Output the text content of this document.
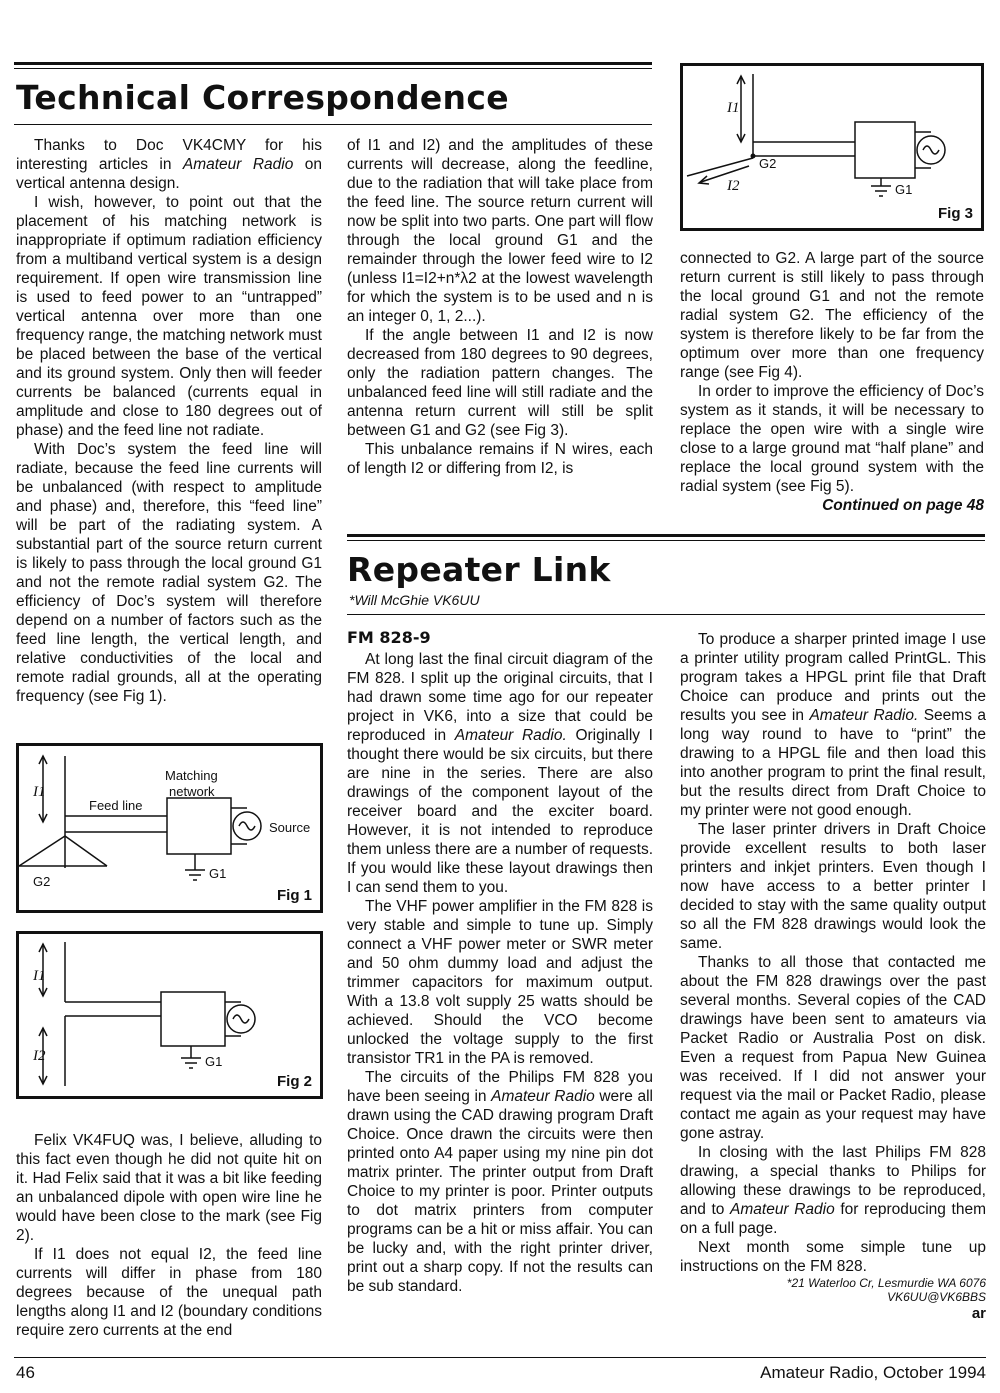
Technical Correspondence

Thanks to Doc VK4CMY for his interesting articles in Amateur Radio on vertical antenna design.

I wish, however, to point out that the placement of his matching network is inappropriate if optimum radiation efficiency from a multiband vertical system is a design requirement. If open wire transmission line is used to feed power to an “untrapped” vertical antenna over more than one frequency range, the matching network must be placed between the base of the vertical and its ground system. Only then will feeder currents be balanced (currents equal in amplitude and close to 180 degrees out of phase) and the feed line not radiate.

With Doc’s system the feed line will radiate, because the feed line currents will be unbalanced (with respect to amplitude and phase) and, therefore, this “feed line” will be part of the radiating system. A substantial part of the source return current is likely to pass through the local ground G1 and not the remote radial system G2. The efficiency of Doc’s system will therefore depend on a number of factors such as the feed line length, the vertical length, and relative conductivities of the local and remote radial grounds, all at the operating frequency (see Fig 1).

I1
Matching
network
Feed line
Source
G1
G2
Fig 1
I1
I2	G1
Fig 2

Felix VK4FUQ was, I believe, alluding to this fact even though he did not quite hit on it. Had Felix said that it was a bit like feeding an unbalanced dipole with open wire line he would have been close to the mark (see Fig 2).

If I1 does not equal I2, the feed line currents will differ in phase from 180 degrees because of the unequal path lengths along I1 and I2 (boundary conditions require zero currents at the end

of I1 and I2) and the amplitudes of these currents will decrease, along the feedline, due to the radiation that will take place from the feed line. The source return current will now be split into two parts. One part will flow through the local ground G1 and the remainder through the lower feed wire to I2 (unless I1=I2+n*λ2 at the lowest wavelength for which the system is to be used and n is an integer 0, 1, 2...).

If the angle between I1 and I2 is now decreased from 180 degrees to 90 degrees, only the radiation pattern changes. The unbalanced feed line will still radiate and the antenna return current will still be split between G1 and G2 (see Fig 3).

This unbalance remains if N wires, each of length I2 or differing from I2, is

I1
G2
I2	G1
Fig 3

connected to G2. A large part of the source return current is still likely to pass through the local ground G1 and not the remote radial system G2. The efficiency of the system is therefore likely to be far from the optimum over more than one frequency range (see Fig 4).

In order to improve the efficiency of Doc’s system as it stands, it will be necessary to replace the open wire with a single wire close to a large ground mat “half plane” and replace the local ground system with the radial system (see Fig 5).

Continued on page 48
Repeater Link
*Will McGhie VK6UU
FM 828-9

At long last the final circuit diagram of the FM 828. I split up the original circuits, that I had drawn some time ago for our repeater project in VK6, into a size that could be reproduced in Amateur Radio. Originally I thought there would be six circuits, but there are nine in the series. There are also drawings of the component layout of the receiver board and the exciter board. However, it is not intended to reproduce them unless there are a number of requests. If you would like these layout drawings then I can send them to you.

The VHF power amplifier in the FM 828 is very stable and simple to tune up. Simply connect a VHF power meter or SWR meter and 50 ohm dummy load and adjust the trimmer capacitors for maximum output. With a 13.8 volt supply 25 watts should be achieved. Should the VCO become unlocked the voltage supply to the first transistor TR1 in the PA is removed.

The circuits of the Philips FM 828 you have been seeing in Amateur Radio were all drawn using the CAD drawing program Draft Choice. Once drawn the circuits were then printed onto A4 paper using my nine pin dot matrix printer. The printer output from Draft Choice to my printer is poor. Printer outputs to dot matrix printers from computer programs can be a hit or miss affair. You can be lucky and, with the right printer driver, print out a sharp copy. If not the results can be sub standard.

To produce a sharper printed image I use a printer utility program called PrintGL. This program takes a HPGL print file that Draft Choice can produce and prints out the results you see in Amateur Radio. Seems a long way round to have to “print” the drawing to a HPGL file and then load this into another program to print the final result, but the results direct from Draft Choice to my printer were not good enough.

The laser printer drivers in Draft Choice provide excellent results to both laser printers and inkjet printers. Even though I now have access to a better printer I decided to stay with the same quality output so all the FM 828 drawings would look the same.

Thanks to all those that contacted me about the FM 828 drawings over the past several months. Several copies of the CAD drawings have been sent to amateurs via Packet Radio or Australia Post on disk. Even a request from Papua New Guinea was received. If I did not answer your request via the mail or Packet Radio, please contact me again as your request may have gone astray.

In closing with the last Philips FM 828 drawing, a special thanks to Philips for allowing these drawings to be reproduced, and to Amateur Radio for reproducing them on a full page.

Next month some simple tune up instructions on the FM 828.

*21 Waterloo Cr, Lesmurdie WA 6076
VK6UU@VK6BBS
ar
46	Amateur Radio, October 1994
